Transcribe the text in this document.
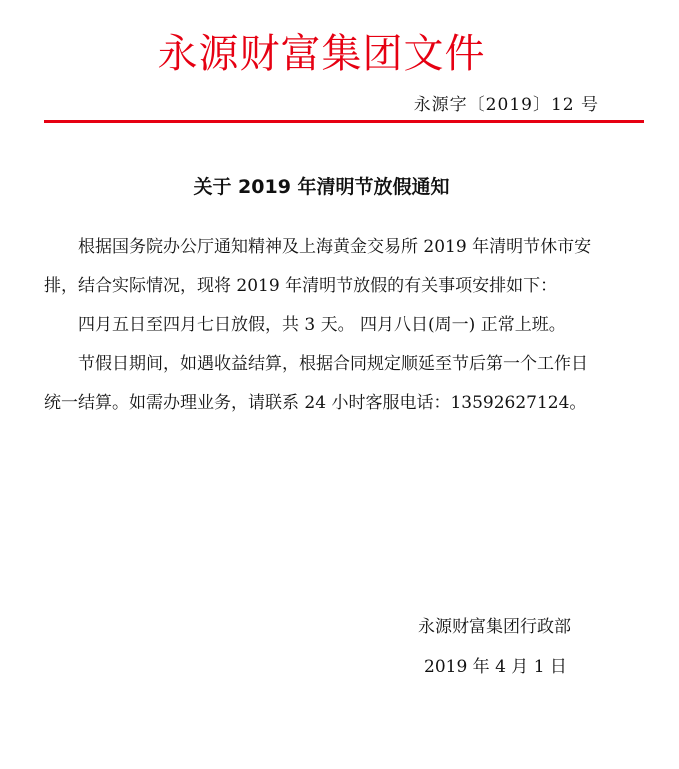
永源财富集团文件
永源字〔2019〕12 号
关于 2019 年清明节放假通知

根据国务院办公厅通知精神及上海黄金交易所 2019 年清明节休市安排，结合实际情况，现将 2019 年清明节放假的有关事项安排如下：

四月五日至四月七日放假，共 3 天。 四月八日(周一) 正常上班。

节假日期间，如遇收益结算，根据合同规定顺延至节后第一个工作日统一结算。如需办理业务，请联系 24 小时客服电话：13592627124。

永源财富集团行政部
2019 年 4 月 1 日
